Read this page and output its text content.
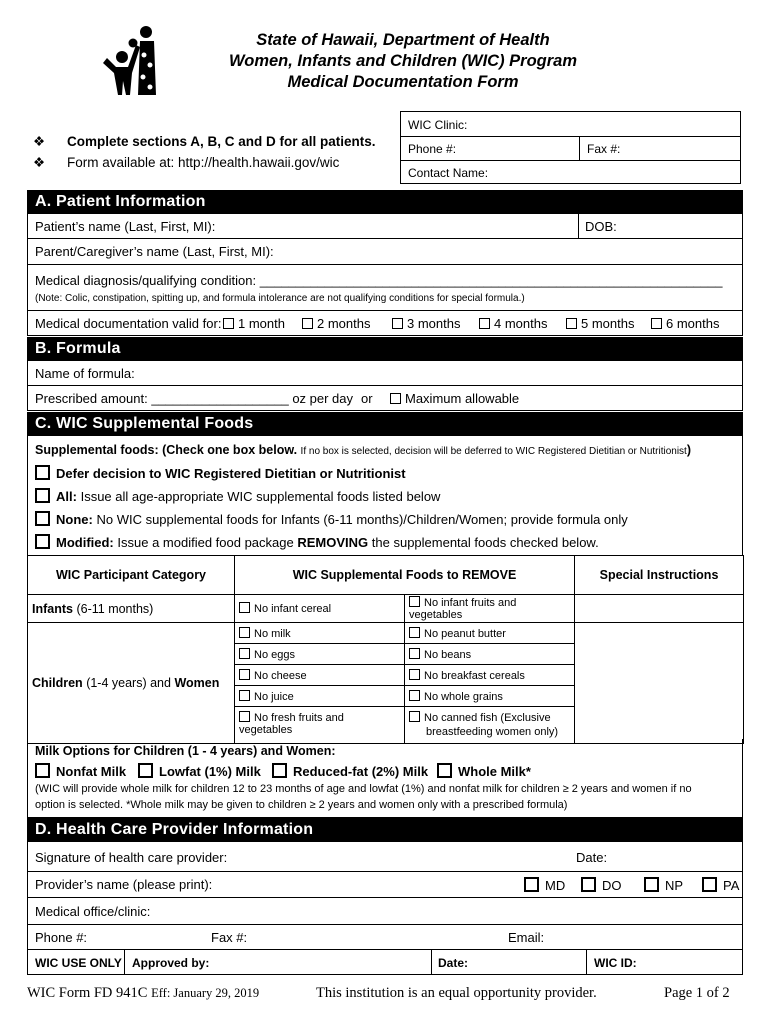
State of Hawaii, Department of Health
Women, Infants and Children (WIC) Program
Medical Documentation Form
❖ Complete sections A, B, C and D for all patients.
❖ Form available at: http://health.hawaii.gov/wic
WIC Clinic:
Phone #:	Fax #:
Contact Name:
A. Patient Information
Patient’s name (Last, First, MI):	DOB:
Parent/Caregiver’s name (Last, First, MI):
Medical diagnosis/qualifying condition: ________________________________________________________________
(Note: Colic, constipation, spitting up, and formula intolerance are not qualifying conditions for special formula.)
Medical documentation valid for:	1 month	2 months	3 months	4 months	5 months	6 months
B. Formula
Name of formula:
Prescribed amount: ___________________ oz per day or	Maximum allowable
C. WIC Supplemental Foods
Supplemental foods: (Check one box below. If no box is selected, decision will be deferred to WIC Registered Dietitian or Nutritionist)
Defer decision to WIC Registered Dietitian or Nutritionist
All: Issue all age-appropriate WIC supplemental foods listed below
None: No WIC supplemental foods for Infants (6-11 months)/Children/Women; provide formula only
Modified: Issue a modified food package REMOVING the supplemental foods checked below.
WIC Participant Category	WIC Supplemental Foods to REMOVE		Special Instructions
Infants (6-11 months)	No infant cereal	No infant fruits and vegetables	
Children (1-4 years) and Women	No milk	No peanut butter	
	No eggs	No beans	
	No cheese	No breakfast cereals	
	No juice	No whole grains	
	No fresh fruits and vegetables	No canned fish (Exclusive
breastfeeding women only)	
Milk Options for Children (1 - 4 years) and Women:
Nonfat Milk	Lowfat (1%) Milk	Reduced-fat (2%) Milk	Whole Milk*
(WIC will provide whole milk for children 12 to 23 months of age and lowfat (1%) and nonfat milk for children ≥ 2 years and women if no
option is selected. *Whole milk may be given to children ≥ 2 years and women only with a prescribed formula)
D. Health Care Provider Information
Signature of health care provider:	Date:
Provider’s name (please print):	MD	DO	NP	PA
Medical office/clinic:
Phone #:	Fax #:	Email:
WIC USE ONLY Approved by:	Date:	WIC ID:
WIC Form FD 941C Eff: January 29, 2019	This institution is an equal opportunity provider.	Page 1 of 2
